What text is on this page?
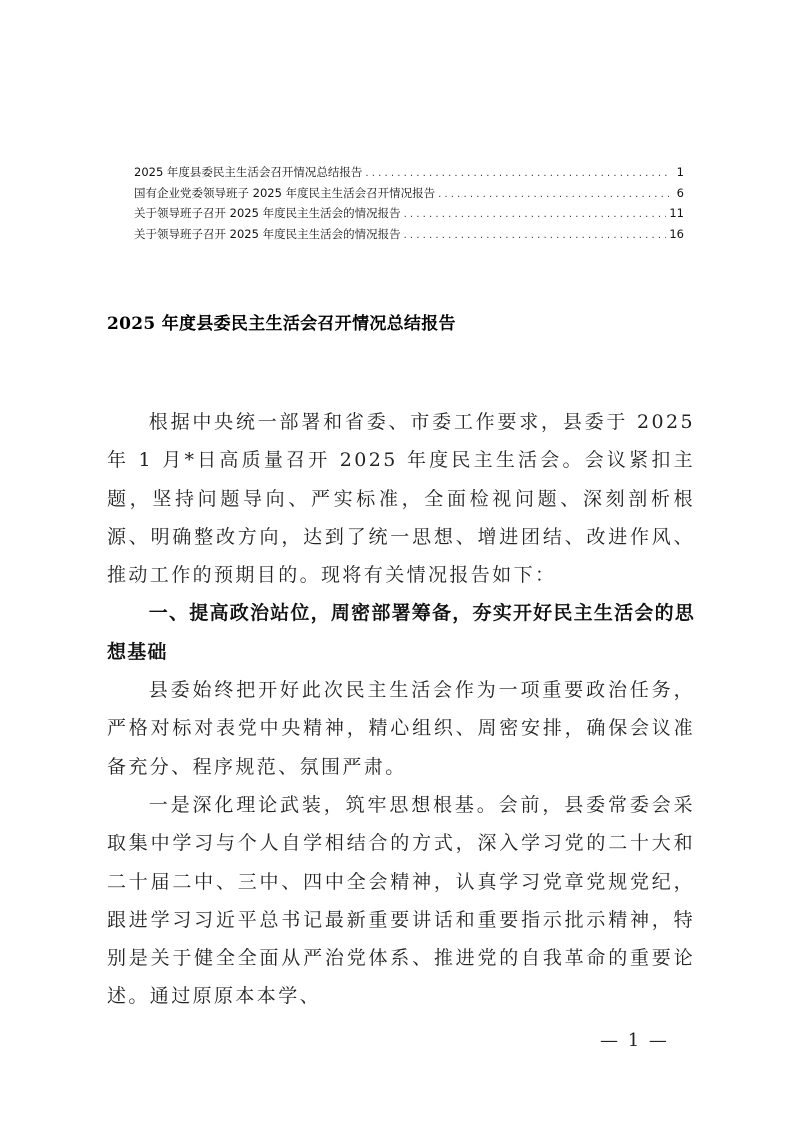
2025 年度县委民主生活会召开情况总结报告 . . .	1
国有企业党委领导班子 2025 年度民主生活会召开情况报告 . . .	6
关于领导班子召开 2025 年度民主生活会的情况报告 . . .	11
关于领导班子召开 2025 年度民主生活会的情况报告 . . .	16
2025 年度县委民主生活会召开情况总结报告

根据中央统一部署和省委、市委工作要求，县委于 2025 年 1 月*日高质量召开 2025 年度民主生活会。会议紧扣主题，坚持问题导向、严实标准，全面检视问题、深刻剖析根源、明确整改方向，达到了统一思想、增进团结、改进作风、推动工作的预期目的。现将有关情况报告如下：

一、提高政治站位，周密部署筹备，夯实开好民主生活会的思想基础

县委始终把开好此次民主生活会作为一项重要政治任务，严格对标对表党中央精神，精心组织、周密安排，确保会议准备充分、程序规范、氛围严肃。

一是深化理论武装，筑牢思想根基。会前，县委常委会采取集中学习与个人自学相结合的方式，深入学习党的二十大和二十届二中、三中、四中全会精神，认真学习党章党规党纪，跟进学习习近平总书记最新重要讲话和重要指示批示精神，特别是关于健全全面从严治党体系、推进党的自我革命的重要论述。通过原原本本学、

— 1 —
